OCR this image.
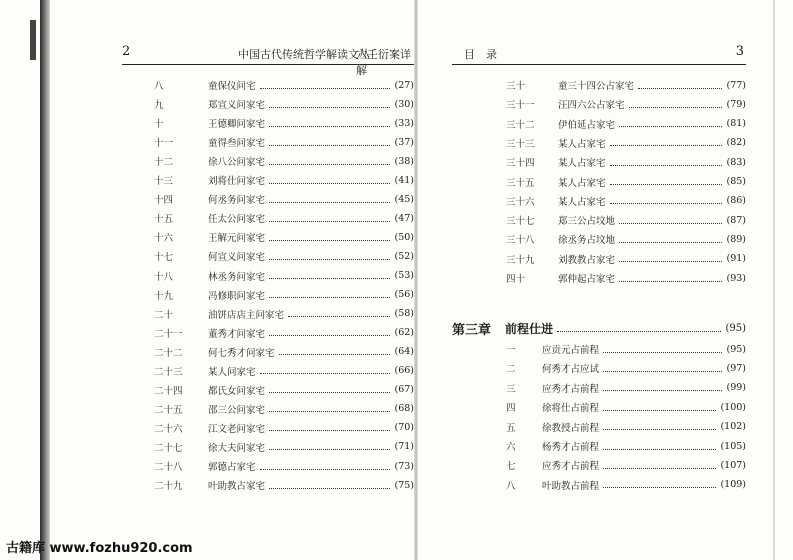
2	中国古代传统哲学解读文丛
六壬衍案详解
八	童保仪问宅	(27)
九	郑宣义问家宅	(30)
十	王德卿问家宅	(33)
十一	童得叁问家宅	(37)
十二	徐八公问家宅	(38)
十三	刘将仕问家宅	(41)
十四	何丞务问家宅	(45)
十五	任太公问家宅	(47)
十六	王解元问家宅	(50)
十七	何宣义问家宅	(52)
十八	林丞务问家宅	(53)
十九	冯修职问家宅	(56)
二十	油饼店店主问家宅	(58)
二十一	董秀才问家宅	(62)
二十二	何七秀才问家宅	(64)
二十三	某人问家宅	(66)
二十四	都氏女问家宅	(67)
二十五	邵三公问家宅	(68)
二十六	江文老问家宅	(70)
二十七	徐大夫问家宅	(71)
二十八	郭德占家宅	(73)
二十九	叶助教占家宅	(75)
目　录	3
三十	童三十四公占家宅	(77)
三十一	汪四六公占家宅	(79)
三十二	伊伯延占家宅	(81)
三十三	某人占家宅	(82)
三十四	某人占家宅	(83)
三十五	某人占家宅	(85)
三十六	某人占家宅	(86)
三十七	郑三公占坟地	(87)
三十八	徐丞务占坟地	(89)
三十九	刘教教占家宅	(91)
四十	郭仲起占家宅	(93)
第三章 前程仕进	(95)
一	应贡元占前程	(95)
二	何秀才占应试	(97)
三	应秀才占前程	(99)
四	徐将仕占前程	(100)
五	徐教授占前程	(102)
六	杨秀才占前程	(105)
七	应秀才占前程	(107)
八	叶助教占前程	(109)
古籍库 www.fozhu920.com
